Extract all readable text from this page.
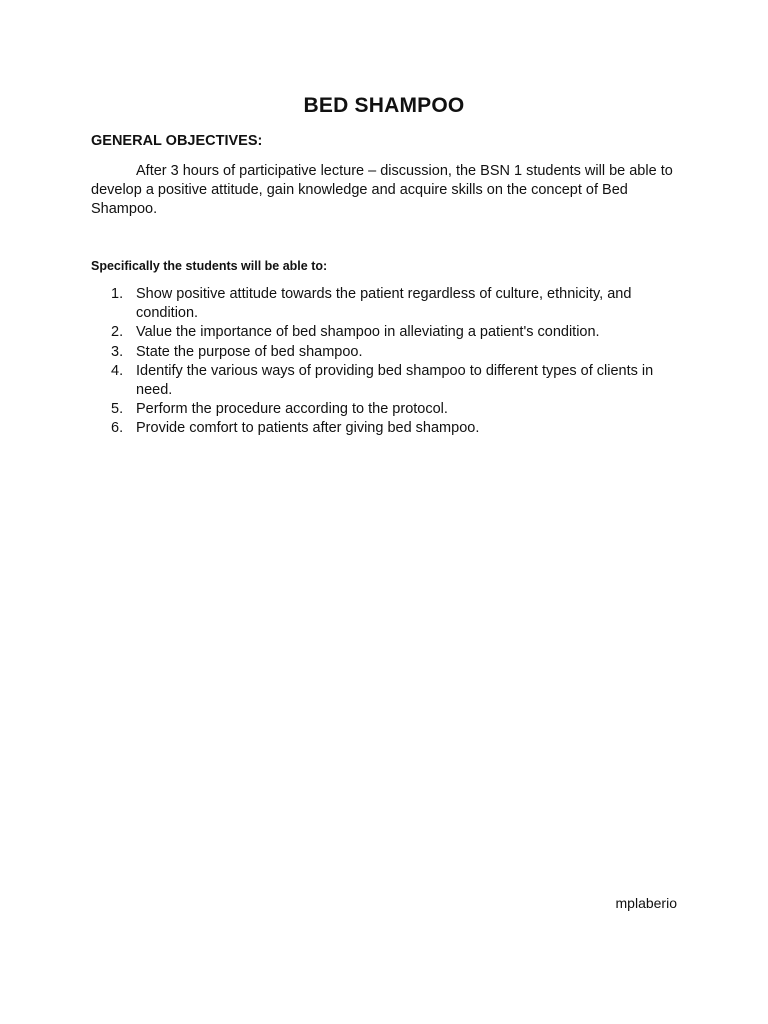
BED SHAMPOO
GENERAL OBJECTIVES:

After 3 hours of participative lecture – discussion, the BSN 1 students will be able to develop a positive attitude, gain knowledge and acquire skills on the concept of Bed Shampoo.

Specifically the students will be able to:
1. Show positive attitude towards the patient regardless of culture, ethnicity, and condition.
2. Value the importance of bed shampoo in alleviating a patient's condition.
3. State the purpose of bed shampoo.
4. Identify the various ways of providing bed shampoo to different types of clients in need.
5. Perform the procedure according to the protocol.
6. Provide comfort to patients after giving bed shampoo.
mplaberio
